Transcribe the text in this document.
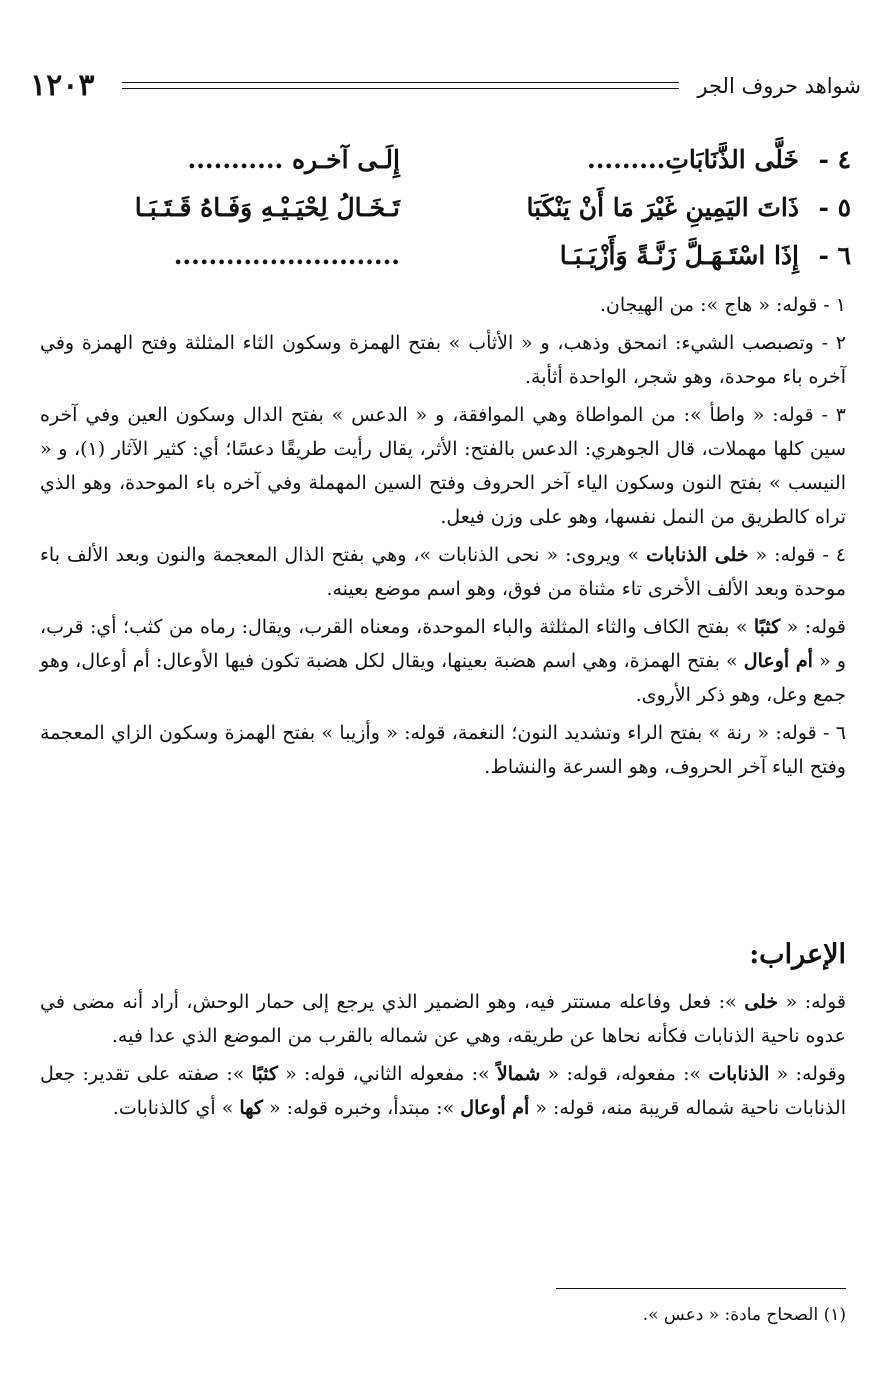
١٢٠٣	شواهد حروف الجر
٤ -
خَلَّى الذَّنَابَاتِ.........
إِلَـى آخـره ...........
٥ -
ذَاتَ اليَمِينِ غَيْرَ مَا أَنْ يَنْكَبَا
تَـخَـالُ لِحْيَـيْـهِ وَفَـاهُ قَـتَـبَـا
٦ -
إِذَا اسْتَـهَـلَّ زَنَّـةً وَأَزْيَـبَـا
..........................

١ - قوله: « هاج »: من الهيجان.

٢ - وتصبصب الشيء: انمحق وذهب، و « الأثأب » بفتح الهمزة وسكون الثاء المثلثة وفتح الهمزة وفي آخره باء موحدة، وهو شجر، الواحدة أثأبة.

٣ - قوله: « واطأ »: من المواطاة وهي الموافقة، و « الدعس » بفتح الدال وسكون العين وفي آخره سين كلها مهملات، قال الجوهري: الدعس بالفتح: الأثر، يقال رأيت طريقًا دعسًا؛ أي: كثير الآثار (١)، و « النيسب » بفتح النون وسكون الياء آخر الحروف وفتح السين المهملة وفي آخره باء الموحدة، وهو الذي تراه كالطريق من النمل نفسها، وهو على وزن فيعل.

٤ - قوله: « خلى الذنابات » ويروى: « نحى الذنابات »، وهي بفتح الذال المعجمة والنون وبعد الألف باء موحدة وبعد الألف الأخرى تاء مثناة من فوق، وهو اسم موضع بعينه.

قوله: « كثبًا » بفتح الكاف والثاء المثلثة والباء الموحدة، ومعناه القرب، ويقال: رماه من كثب؛ أي: قرب، و « أم أوعال » بفتح الهمزة، وهي اسم هضبة بعينها، ويقال لكل هضبة تكون فيها الأوعال: أم أوعال، وهو جمع وعل، وهو ذكر الأروى.

٦ - قوله: « رنة » بفتح الراء وتشديد النون؛ النغمة، قوله: « وأزيبا » بفتح الهمزة وسكون الزاي المعجمة وفتح الياء آخر الحروف، وهو السرعة والنشاط.

الإعراب:

قوله: « خلى »: فعل وفاعله مستتر فيه، وهو الضمير الذي يرجع إلى حمار الوحش، أراد أنه مضى في عدوه ناحية الذنابات فكأنه نحاها عن طريقه، وهي عن شماله بالقرب من الموضع الذي عدا فيه.

وقوله: « الذنابات »: مفعوله، قوله: « شمالاً »: مفعوله الثاني، قوله: « كثبًا »: صفته على تقدير: جعل الذنابات ناحية شماله قريبة منه، قوله: « أم أوعال »: مبتدأ، وخبره قوله: « كها » أي كالذنابات.

(١) الصحاح مادة: « دعس ».
